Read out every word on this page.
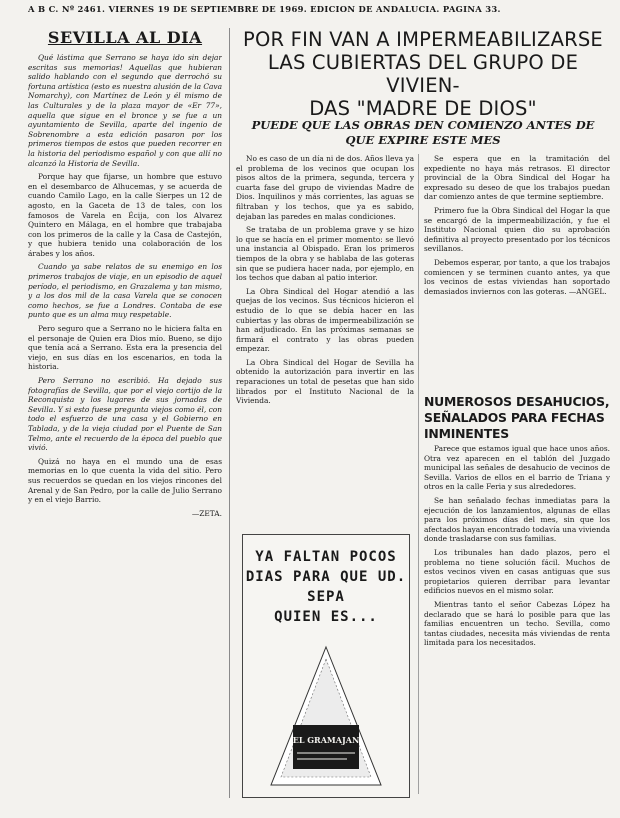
A B C. Nº 2461. VIERNES 19 DE SEPTIEMBRE DE 1969. EDICION DE ANDALUCIA. PAGINA 33.
SEVILLA AL DIA

Qué lástima que Serrano se haya ido sin dejar escritas sus memorias! Aquellas que hubieran salido hablando con el segundo que derrochó su fortuna artística (esto es nuestra alusión de la Cava Nomarchy), con Martínez de León y él mismo de las Culturales y de la plaza mayor de «Er 77», aquella que sigue en el bronce y se fue a un ayuntamiento de Sevilla, aparte del ingenio de Sobrenombre a esta edición pasaron por los primeros tiempos de estos que pueden recorrer en la historia del periodismo español y con que allí no alcanzó la Historia de Sevilla.

Porque hay que fijarse, un hombre que estuvo en el desembarco de Alhucemas, y se acuerda de cuando Camilo Lago, en la calle Sierpes un 12 de agosto, en la Gaceta de 13 de tales, con los famosos de Varela en Écija, con los Alvarez Quintero en Málaga, en el hombre que trabajaba con los primeros de la calle y la Casa de Castejón, y que hubiera tenido una colaboración de los árabes y los años.

Cuando ya sabe relatos de su enemigo en los primeros trabajos de viaje, en un episodio de aquel período, el periodismo, en Grazalema y tan mismo, y a los dos mil de la casa Varela que se conocen como hechos, se fue a Londres. Contaba de ese punto que es un alma muy respetable.

Pero seguro que a Serrano no le hiciera falta en el personaje de Quien era Dios mío. Bueno, se dijo que tenía acá a Serrano. Esta era la presencia del viejo, en sus días en los escenarios, en toda la historia.

Pero Serrano no escribió. Ha dejado sus fotografías de Sevilla, que por el viejo cortijo de la Reconquista y los lugares de sus jornadas de Sevilla. Y si esto fuese pregunta viejos como él, con todo el esfuerzo de una casa y el Gobierno en Tablada, y de la vieja ciudad por el Puente de San Telmo, ante el recuerdo de la época del pueblo que vivió.

Quizá no haya en el mundo una de esas memorias en lo que cuenta la vida del sitio. Pero sus recuerdos se quedan en los viejos rincones del Arenal y de San Pedro, por la calle de Julio Serrano y en el viejo Barrio.

—ZETA.

POR FIN VAN A IMPERMEABILIZARSE
LAS CUBIERTAS DEL GRUPO DE VIVIEN-
DAS "MADRE DE DIOS"
PUEDE QUE LAS OBRAS DEN COMIENZO ANTES DE
QUE EXPIRE ESTE MES

No es caso de un día ni de dos. Años lleva ya el problema de los vecinos que ocupan los pisos altos de la primera, segunda, tercera y cuarta fase del grupo de viviendas Madre de Dios. Inquilinos y más corrientes, las aguas se filtraban y los techos, que ya es sabido, dejaban las paredes en malas condiciones.

Se trataba de un problema grave y se hizo lo que se hacía en el primer momento: se llevó una instancia al Obispado. Eran los primeros tiempos de la obra y se hablaba de las goteras sin que se pudiera hacer nada, por ejemplo, en los techos que daban al patio interior.

La Obra Sindical del Hogar atendió a las quejas de los vecinos. Sus técnicos hicieron el estudio de lo que se debía hacer en las cubiertas y las obras de impermeabilización se han adjudicado. En las próximas semanas se firmará el contrato y las obras pueden empezar.

La Obra Sindical del Hogar de Sevilla ha obtenido la autorización para invertir en las reparaciones un total de pesetas que han sido librados por el Instituto Nacional de la Vivienda.

Se espera que en la tramitación del expediente no haya más retrasos. El director provincial de la Obra Sindical del Hogar ha expresado su deseo de que los trabajos puedan dar comienzo antes de que termine septiembre.

Primero fue la Obra Sindical del Hogar la que se encargó de la impermeabilización, y fue el Instituto Nacional quien dio su aprobación definitiva al proyecto presentado por los técnicos sevillanos.

Debemos esperar, por tanto, a que los trabajos comiencen y se terminen cuanto antes, ya que los vecinos de estas viviendas han soportado demasiados inviernos con las goteras. —ANGEL.

NUMEROSOS DESAHUCIOS, SEÑALADOS PARA FECHAS INMINENTES

Parece que estamos igual que hace unos años. Otra vez aparecen en el tablón del Juzgado municipal las señales de desahucio de vecinos de Sevilla. Varios de ellos en el barrio de Triana y otros en la calle Feria y sus alrededores.

Se han señalado fechas inmediatas para la ejecución de los lanzamientos, algunas de ellas para los próximos días del mes, sin que los afectados hayan encontrado todavía una vivienda donde trasladarse con sus familias.

Los tribunales han dado plazos, pero el problema no tiene solución fácil. Muchos de estos vecinos viven en casas antiguas que sus propietarios quieren derribar para levantar edificios nuevos en el mismo solar.

Mientras tanto el señor Cabezas López ha declarado que se hará lo posible para que las familias encuentren un techo. Sevilla, como tantas ciudades, necesita más viviendas de renta limitada para los necesitados.

YA FALTAN POCOS
DIAS PARA QUE UD.
SEPA
QUIEN ES...
EL GRAMAJAN
